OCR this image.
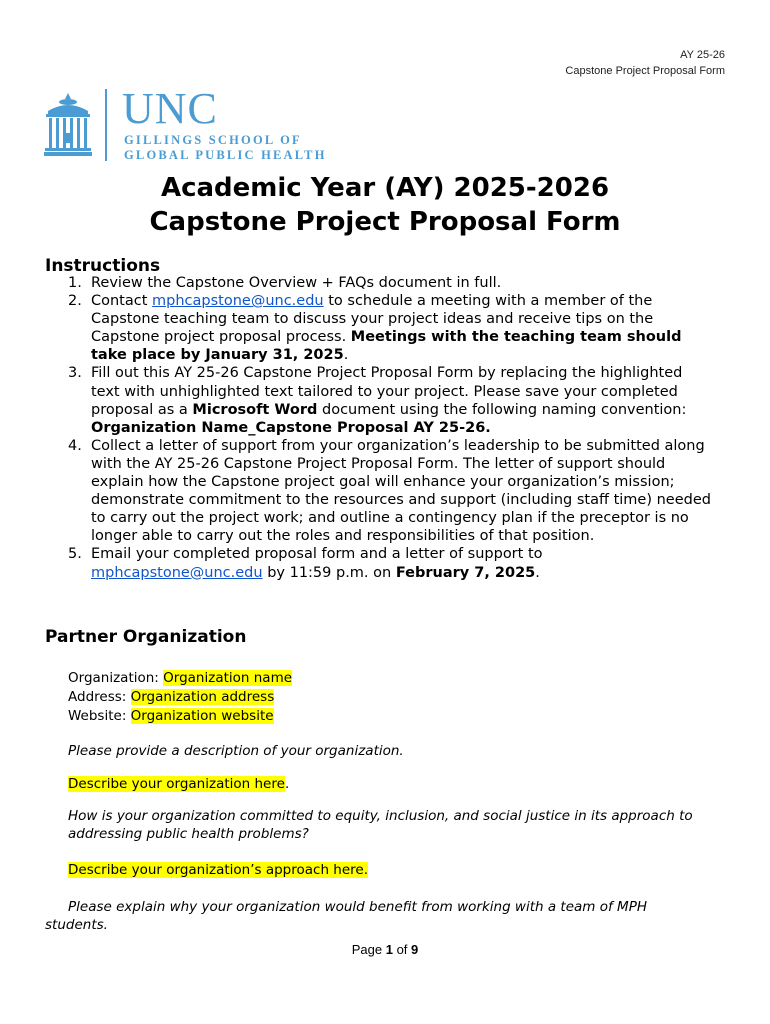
AY 25-26
Capstone Project Proposal Form
UNC
GILLINGS SCHOOL OF
GLOBAL PUBLIC HEALTH
Academic Year (AY) 2025-2026
Capstone Project Proposal Form
Instructions
1. Review the Capstone Overview + FAQs document in full.
2. Contact mphcapstone@unc.edu to schedule a meeting with a member of the Capstone teaching team to discuss your project ideas and receive tips on the Capstone project proposal process. Meetings with the teaching team should take place by January 31, 2025.
3. Fill out this AY 25-26 Capstone Project Proposal Form by replacing the highlighted text with unhighlighted text tailored to your project. Please save your completed proposal as a Microsoft Word document using the following naming convention: Organization Name_Capstone Proposal AY 25-26.
4. Collect a letter of support from your organization’s leadership to be submitted along with the AY 25-26 Capstone Project Proposal Form. The letter of support should explain how the Capstone project goal will enhance your organization’s mission; demonstrate commitment to the resources and support (including staff time) needed to carry out the project work; and outline a contingency plan if the preceptor is no longer able to carry out the roles and responsibilities of that position.
5. Email your completed proposal form and a letter of support to mphcapstone@unc.edu by 11:59 p.m. on February 7, 2025.
Partner Organization
Organization: Organization name
Address: Organization address
Website: Organization website
Please provide a description of your organization.
Describe your organization here.
How is your organization committed to equity, inclusion, and social justice in its approach to addressing public health problems?
Describe your organization’s approach here.
Please explain why your organization would benefit from working with a team of MPH students.
Page 1 of 9
